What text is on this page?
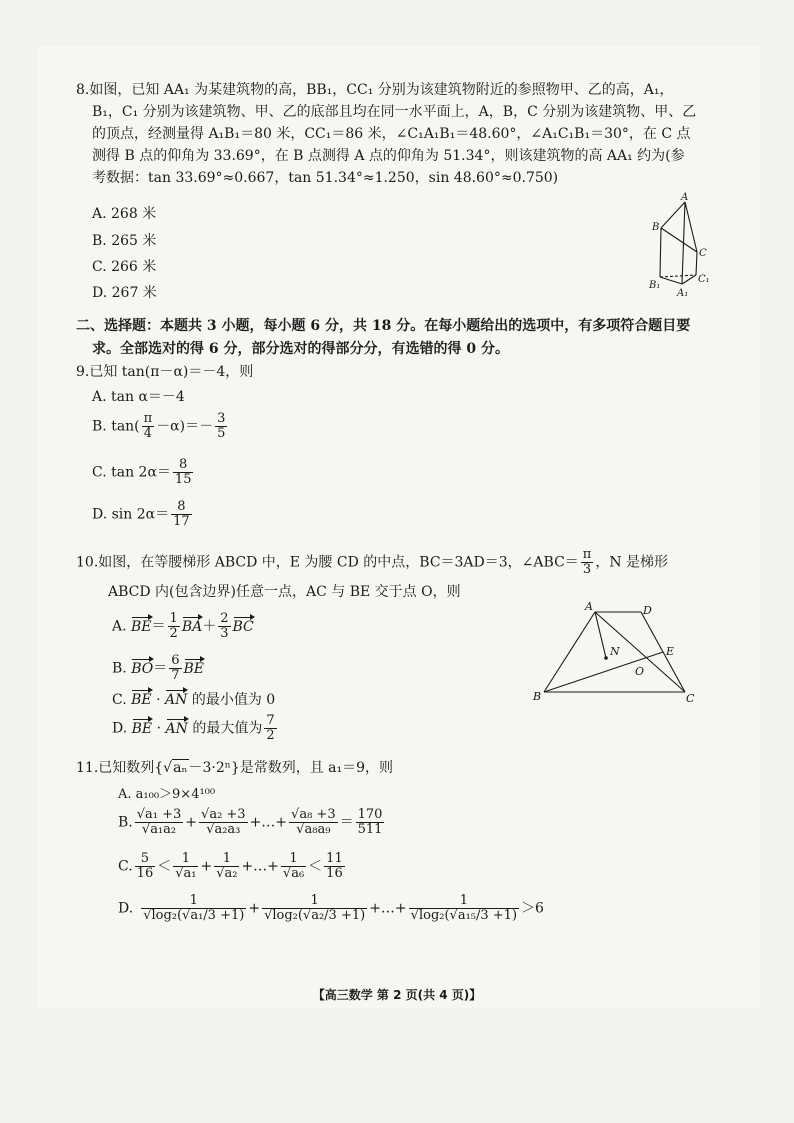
8.如图，已知 AA₁ 为某建筑物的高，BB₁，CC₁ 分别为该建筑物附近的参照物甲、乙的高，A₁，
B₁，C₁ 分别为该建筑物、甲、乙的底部且均在同一水平面上，A，B，C 分别为该建筑物、甲、乙
的顶点，经测量得 A₁B₁＝80 米，CC₁＝86 米，∠C₁A₁B₁＝48.60°，∠A₁C₁B₁＝30°，在 C 点
测得 B 点的仰角为 33.69°，在 B 点测得 A 点的仰角为 51.34°，则该建筑物的高 AA₁ 约为(参
考数据：tan 33.69°≈0.667，tan 51.34°≈1.250，sin 48.60°≈0.750)
A. 268 米
B. 265 米
C. 266 米
D. 267 米
A
B
C
A₁
B₁
C₁
二、选择题：本题共 3 小题，每小题 6 分，共 18 分。在每小题给出的选项中，有多项符合题目要
求。全部选对的得 6 分，部分选对的得部分分，有选错的得 0 分。
9.已知 tan(π－α)＝－4，则
A. tan α＝－4
B. $\tan( \frac{\pi}{4} -\alpha)=- \frac{3}{5}$
C. $\tan 2\alpha= \frac{8}{15}$
D. $\sin 2\alpha= \frac{8}{17}$
10.如图，在等腰梯形 ABCD 中，E 为腰 CD 的中点，BC＝3AD＝3，∠ABC＝ $\frac{\pi}{3}$ ，N 是梯形
ABCD 内(包含边界)任意一点，AC 与 BE 交于点 O，则
A. $BE= \frac{1}{2} BA+ \frac{2}{3}$ BC
B. $BO= \frac{6}{7}$ BE
C. BE · AN 的最小值为 0
D. BE · AN 的最大值为 $\frac{7}{2}$
A	D
E
N
O
B	C
11.已知数列{√aₙ－3·2ⁿ}是常数列，且 a₁＝9，则
A. a₁₀₀＞9×4¹⁰⁰
B. $\frac{\text{√a₁ +3}}{\text{√a₁a₂}} + \frac{\text{√a₂ +3}}{\text{√a₂a₃}}$ +…+ $\frac{\text{√a₈ +3}}{\text{√a₈a₉}} = \frac{170}{511}$
C. $\frac{5}{16} < \frac{1}{\text{√a₁}} + \frac{1}{\text{√a₂}}$ +…+ $\frac{1}{\text{√a₆}} < \frac{11}{16}$
D. $\frac{1}{\text{√log₂(√a₁/3 +1)}} + \frac{1}{\text{√log₂(√a₂/3 +1)}}$ +…+ $\frac{1}{\text{√log₂(√a₁₅/3 +1)}} >6$
【高三数学 第 2 页(共 4 页)】
